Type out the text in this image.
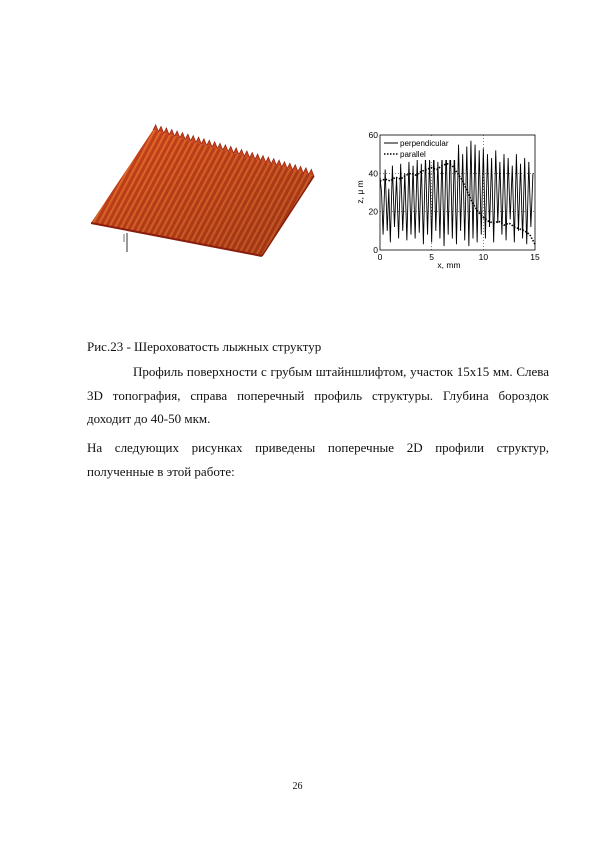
0	5	10	15
0
20
40
60
perpendicular
parallel
x, mm
z, μ m
Рис.23 - Шероховатость лыжных структур
Профиль поверхности с грубым штайншлифтом, участок 15х15 мм. Слева 3D топография, справа поперечный профиль структуры. Глубина бороздок доходит до 40-50 мкм.
На следующих рисунках приведены поперечные 2D профили структур, полученные в этой работе:
26
